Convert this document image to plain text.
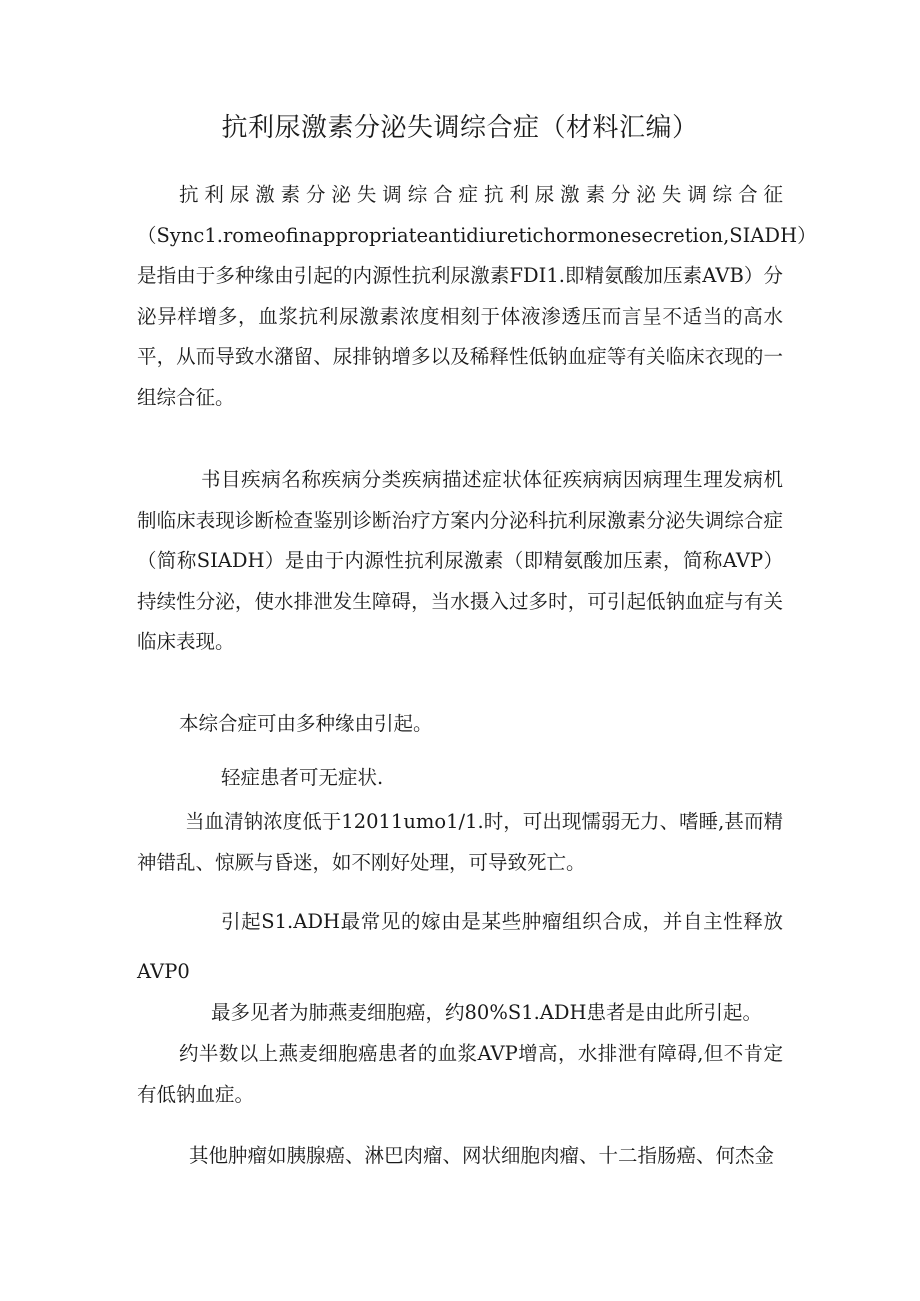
抗利尿激素分泌失调综合症（材料汇编）
抗利尿激素分泌失调综合症抗利尿激素分泌失调综合征（Sync1.romeofinappropriateantidiuretichormonesecretion,SIADH）是指由于多种缘由引起的内源性抗利尿激素FDI1.即精氨酸加压素AVB）分泌异样增多，血浆抗利尿激素浓度相刻于体液渗透压而言呈不适当的高水平，从而导致水潴留、尿排钠增多以及稀释性低钠血症等有关临床衣现的一组综合征。
书目疾病名称疾病分类疾病描述症状体征疾病病因病理生理发病机制临床表现诊断检查鉴别诊断治疗方案内分泌科抗利尿激素分泌失调综合症（简称SIADH）是由于内源性抗利尿激素（即精氨酸加压素，简称AVP）持续性分泌，使水排泄发生障碍，当水摄入过多时，可引起低钠血症与有关临床表现。
本综合症可由多种缘由引起。
轻症患者可无症状.
当血清钠浓度低于12011umo1∕1.时，可出现懦弱无力、嗜睡,甚而精神错乱、惊厥与昏迷，如不刚好处理，可导致死亡。
引起S1.ADH最常见的嫁由是某些肿瘤组织合成，并自主性释放AVP0
最多见者为肺燕麦细胞癌，约80%S1.ADH患者是由此所引起。
约半数以上燕麦细胞癌患者的血浆AVP增高，水排泄有障碍,但不肯定有低钠血症。
其他肿瘤如胰腺癌、淋巴肉瘤、网状细胞肉瘤、十二指肠癌、何杰金
